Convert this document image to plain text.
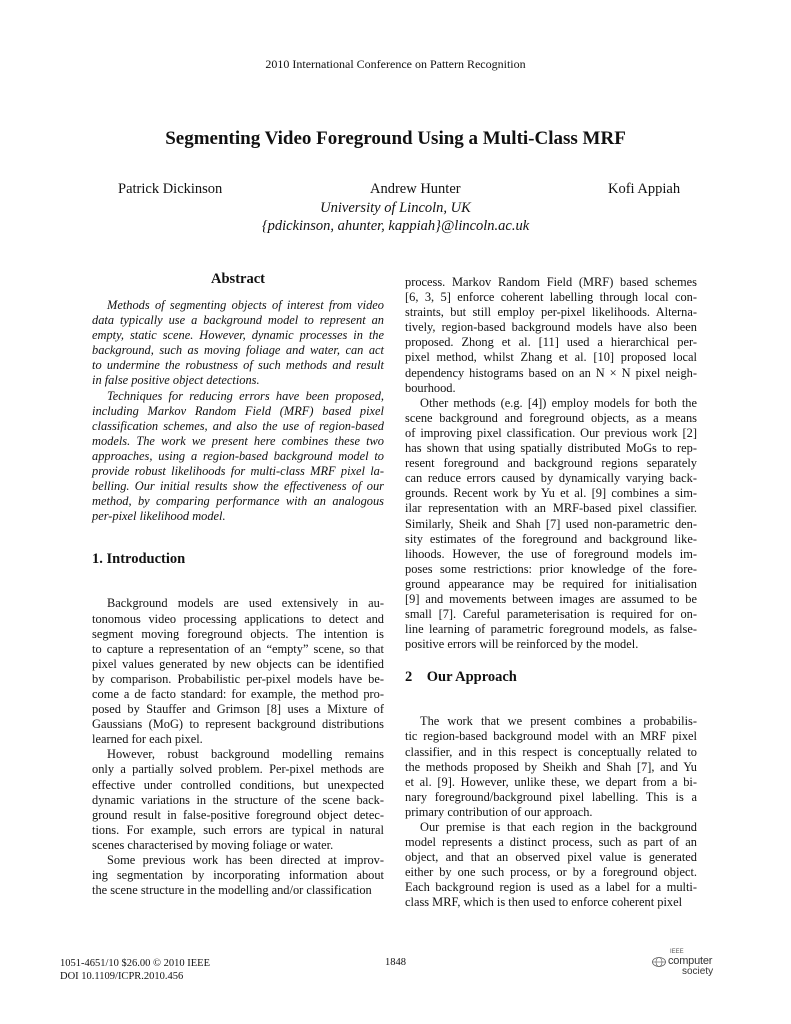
2010 International Conference on Pattern Recognition
Segmenting Video Foreground Using a Multi-Class MRF
Patrick Dickinson	Andrew Hunter	Kofi Appiah
University of Lincoln, UK
{pdickinson, ahunter, kappiah}@lincoln.ac.uk
Abstract
Methods of segmenting objects of interest from video
data typically use a background model to represent an
empty, static scene. However, dynamic processes in the
background, such as moving foliage and water, can act
to undermine the robustness of such methods and result
in false positive object detections.
Techniques for reducing errors have been proposed,
including Markov Random Field (MRF) based pixel
classification schemes, and also the use of region-based
models. The work we present here combines these two
approaches, using a region-based background model to
provide robust likelihoods for multi-class MRF pixel la-
belling. Our initial results show the effectiveness of our
method, by comparing performance with an analogous
per-pixel likelihood model.
1. Introduction
Background models are used extensively in au-
tonomous video processing applications to detect and
segment moving foreground objects. The intention is
to capture a representation of an “empty” scene, so that
pixel values generated by new objects can be identified
by comparison. Probabilistic per-pixel models have be-
come a de facto standard: for example, the method pro-
posed by Stauffer and Grimson [8] uses a Mixture of
Gaussians (MoG) to represent background distributions
learned for each pixel.
However, robust background modelling remains
only a partially solved problem. Per-pixel methods are
effective under controlled conditions, but unexpected
dynamic variations in the structure of the scene back-
ground result in false-positive foreground object detec-
tions. For example, such errors are typical in natural
scenes characterised by moving foliage or water.
Some previous work has been directed at improv-
ing segmentation by incorporating information about
the scene structure in the modelling and/or classification
process. Markov Random Field (MRF) based schemes
[6, 3, 5] enforce coherent labelling through local con-
straints, but still employ per-pixel likelihoods. Alterna-
tively, region-based background models have also been
proposed. Zhong et al. [11] used a hierarchical per-
pixel method, whilst Zhang et al. [10] proposed local
dependency histograms based on an N × N pixel neigh-
bourhood.
Other methods (e.g. [4]) employ models for both the
scene background and foreground objects, as a means
of improving pixel classification. Our previous work [2]
has shown that using spatially distributed MoGs to rep-
resent foreground and background regions separately
can reduce errors caused by dynamically varying back-
grounds. Recent work by Yu et al. [9] combines a sim-
ilar representation with an MRF-based pixel classifier.
Similarly, Sheik and Shah [7] used non-parametric den-
sity estimates of the foreground and background like-
lihoods. However, the use of foreground models im-
poses some restrictions: prior knowledge of the fore-
ground appearance may be required for initialisation
[9] and movements between images are assumed to be
small [7]. Careful parameterisation is required for on-
line learning of parametric foreground models, as false-
positive errors will be reinforced by the model.
2    Our Approach
The work that we present combines a probabilis-
tic region-based background model with an MRF pixel
classifier, and in this respect is conceptually related to
the methods proposed by Sheikh and Shah [7], and Yu
et al. [9]. However, unlike these, we depart from a bi-
nary foreground/background pixel labelling. This is a
primary contribution of our approach.
Our premise is that each region in the background
model represents a distinct process, such as part of an
object, and that an observed pixel value is generated
either by one such process, or by a foreground object.
Each background region is used as a label for a multi-
class MRF, which is then used to enforce coherent pixel
1051-4651/10 $26.00 © 2010 IEEE
DOI 10.1109/ICPR.2010.456
1848
IEEE
computer
society
